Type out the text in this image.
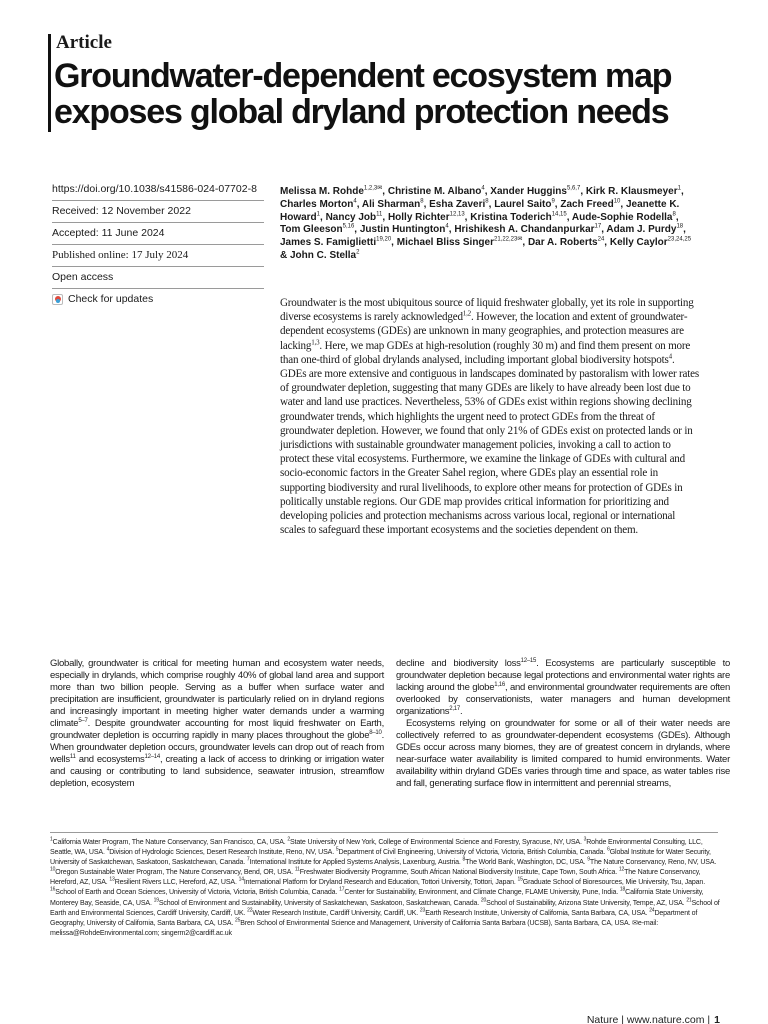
Article
Groundwater-dependent ecosystem map exposes global dryland protection needs
https://doi.org/10.1038/s41586-024-07702-8
Received: 12 November 2022
Accepted: 11 June 2024
Published online: 17 July 2024
Open access
Check for updates
Melissa M. Rohde$^{1,2,3✉}$, Christine M. Albano$^4$, Xander Huggins$^{5,6,7}$, Kirk R. Klausmeyer$^1$, Charles Morton$^4$, Ali Sharman$^8$, Esha Zaveri$^8$, Laurel Saito$^9$, Zach Freed$^{10}$, Jeanette K. Howard$^1$, Nancy Job$^{11}$, Holly Richter$^{12,13}$, Kristina Toderich$^{14,15}$, Aude-Sophie Rodella$^8$, Tom Gleeson$^{5,16}$, Justin Huntington$^4$, Hrishikesh A. Chandanpurkar$^{17}$, Adam J. Purdy$^{18}$, James S. Famiglietti$^{19,20}$, Michael Bliss Singer$^{21,22,23✉}$, Dar A. Roberts$^{24}$, Kelly Caylor$^{23,24,25}$ & John C. Stella$^2$
Groundwater is the most ubiquitous source of liquid freshwater globally, yet its role in supporting diverse ecosystems is rarely acknowledged$^{1,2}$. However, the location and extent of groundwater-dependent ecosystems (GDEs) are unknown in many geographies, and protection measures are lacking$^{1,3}$. Here, we map GDEs at high-resolution (roughly 30 m) and find them present on more than one-third of global drylands analysed, including important global biodiversity hotspots$^4$. GDEs are more extensive and contiguous in landscapes dominated by pastoralism with lower rates of groundwater depletion, suggesting that many GDEs are likely to have already been lost due to water and land use practices. Nevertheless, 53% of GDEs exist within regions showing declining groundwater trends, which highlights the urgent need to protect GDEs from the threat of groundwater depletion. However, we found that only 21% of GDEs exist on protected lands or in jurisdictions with sustainable groundwater management policies, invoking a call to action to protect these vital ecosystems. Furthermore, we examine the linkage of GDEs with cultural and socio-economic factors in the Greater Sahel region, where GDEs play an essential role in supporting biodiversity and rural livelihoods, to explore other means for protection of GDEs in politically unstable regions. Our GDE map provides critical information for prioritizing and developing policies and protection mechanisms across various local, regional or international scales to safeguard these important ecosystems and the societies dependent on them.
Globally, groundwater is critical for meeting human and ecosystem water needs, especially in drylands, which comprise roughly 40% of global land area and support more than two billion people. Serving as a buffer when surface water and precipitation are insufficient, groundwater is particularly relied on in dryland regions and increasingly important in meeting higher water demands under a warming climate$^{5-7}$. Despite groundwater accounting for most liquid freshwater on Earth, groundwater depletion is occurring rapidly in many places throughout the globe$^{8-10}$. When groundwater depletion occurs, groundwater levels can drop out of reach from wells$^{11}$ and ecosystems$^{12-14}$, creating a lack of access to drinking or irrigation water and causing or contributing to land subsidence, seawater intrusion, streamflow depletion, ecosystem

decline and biodiversity loss$^{12-15}$. Ecosystems are particularly susceptible to groundwater depletion because legal protections and environmental water rights are lacking around the globe$^{1,16}$, and environmental groundwater requirements are often overlooked by conservationists, water managers and human development organizations$^{2,17}$.

Ecosystems relying on groundwater for some or all of their water needs are collectively referred to as groundwater-dependent ecosystems (GDEs). Although GDEs occur across many biomes, they are of greatest concern in drylands, where near-surface water availability is limited compared to humid environments. Water availability within dryland GDEs varies through time and space, as water tables rise and fall, generating surface flow in intermittent and perennial streams,

$^1$California Water Program, The Nature Conservancy, San Francisco, CA, USA. $^2$State University of New York, College of Environmental Science and Forestry, Syracuse, NY, USA. $^3$Rohde Environmental Consulting, LLC, Seattle, WA, USA. $^4$Division of Hydrologic Sciences, Desert Research Institute, Reno, NV, USA. $^5$Department of Civil Engineering, University of Victoria, Victoria, British Columbia, Canada. $^6$Global Institute for Water Security, University of Saskatchewan, Saskatoon, Saskatchewan, Canada. $^7$International Institute for Applied Systems Analysis, Laxenburg, Austria. $^8$The World Bank, Washington, DC, USA. $^9$The Nature Conservancy, Reno, NV, USA. $^{10}$Oregon Sustainable Water Program, The Nature Conservancy, Bend, OR, USA. $^{11}$Freshwater Biodiversity Programme, South African National Biodiversity Institute, Cape Town, South Africa. $^{12}$The Nature Conservancy, Hereford, AZ, USA. $^{13}$Resilient Rivers LLC, Hereford, AZ, USA. $^{14}$International Platform for Dryland Research and Education, Tottori University, Tottori, Japan. $^{15}$Graduate School of Bioresources, Mie University, Tsu, Japan. $^{16}$School of Earth and Ocean Sciences, University of Victoria, Victoria, British Columbia, Canada. $^{17}$Center for Sustainability, Environment, and Climate Change, FLAME University, Pune, India. $^{18}$California State University, Monterey Bay, Seaside, CA, USA. $^{19}$School of Environment and Sustainability, University of Saskatchewan, Saskatoon, Saskatchewan, Canada. $^{20}$School of Sustainability, Arizona State University, Tempe, AZ, USA. $^{21}$School of Earth and Environmental Sciences, Cardiff University, Cardiff, UK. $^{22}$Water Research Institute, Cardiff University, Cardiff, UK. $^{23}$Earth Research Institute, University of California, Santa Barbara, CA, USA. $^{24}$Department of Geography, University of California, Santa Barbara, CA, USA. $^{25}$Bren School of Environmental Science and Management, University of California Santa Barbara (UCSB), Santa Barbara, CA, USA. ✉e-mail: melissa@RohdeEnvironmental.com; singerm2@cardiff.ac.uk
Nature | www.nature.com | 1
